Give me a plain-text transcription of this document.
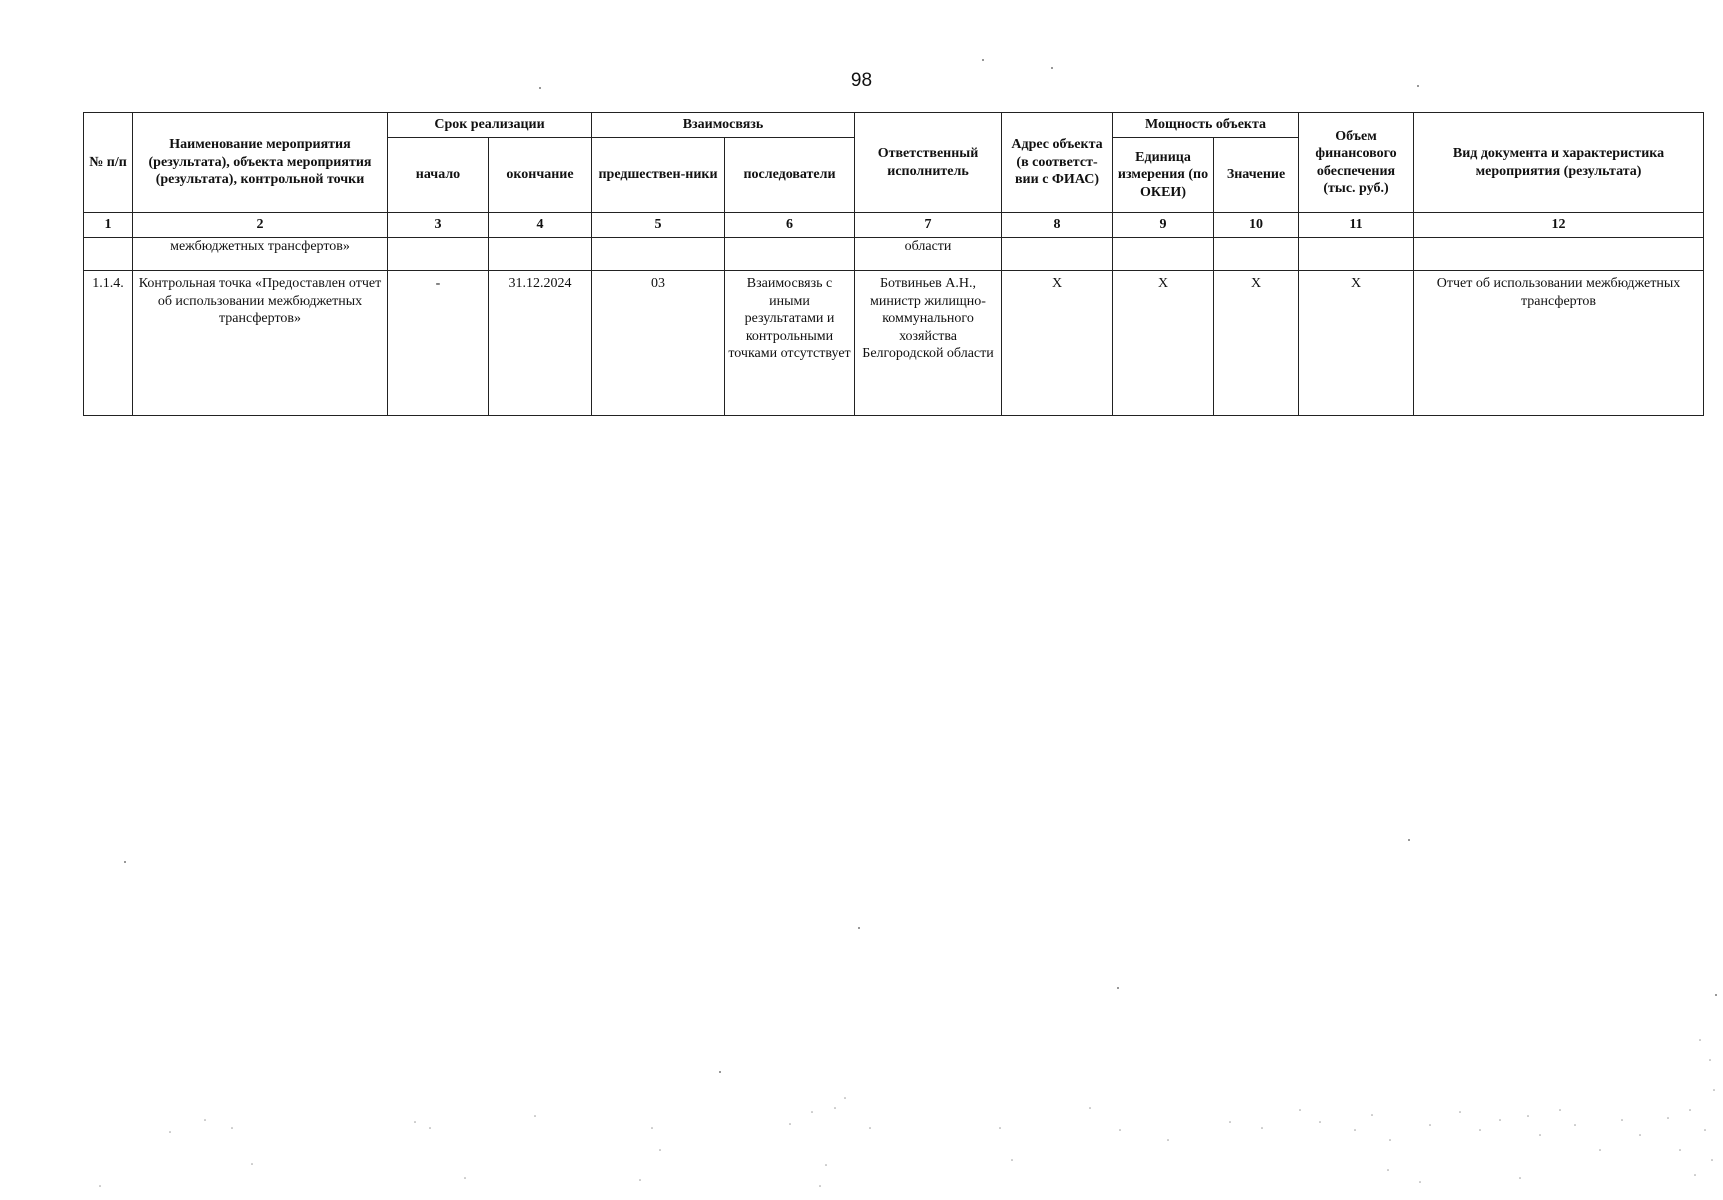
98
№ п/п	Наименование мероприятия (результата), объекта мероприятия (результата), контрольной точки	Срок реализации		Взаимосвязь		Ответственный исполнитель	Адрес объекта (в соответст-вии с ФИАС)	Мощность объекта		Объем финансового обеспечения (тыс. руб.)	Вид документа и характеристика мероприятия (результата)
		начало	окончание	предшествен-ники	последователи			Единица измерения (по ОКЕИ)	Значение		
1	2	3	4	5	6	7	8	9	10	11	12
	межбюджетных трансфертов»					области					
1.1.4.	Контрольная точка «Предоставлен отчет об использовании межбюджетных трансфертов»	-	31.12.2024	03	Взаимосвязь с иными результатами и контрольными точками отсутствует	Ботвиньев А.Н., министр жилищно-коммунального хозяйства Белгородской области	X	X	X	X	Отчет об использовании межбюджетных трансфертов
